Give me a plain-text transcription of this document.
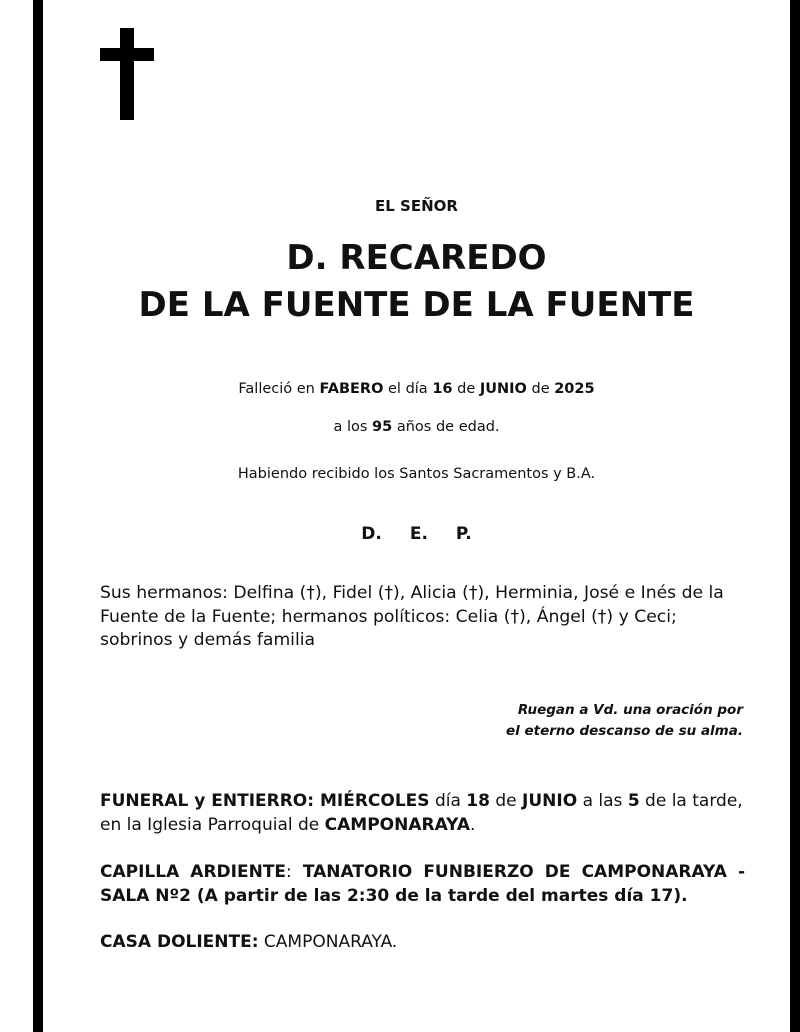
EL SEÑOR
D. RECAREDO
DE LA FUENTE DE LA FUENTE
Falleció en FABERO el día 16 de JUNIO de 2025
a los 95 años de edad.
Habiendo recibido los Santos Sacramentos y B.A.
D. E. P.
Sus hermanos: Delfina (†), Fidel (†), Alicia (†), Herminia, José e Inés de la Fuente de la Fuente; hermanos políticos: Celia (†), Ángel (†) y Ceci; sobrinos y demás familia
Ruegan a Vd. una oración por
el eterno descanso de su alma.
FUNERAL y ENTIERRO: MIÉRCOLES día 18 de JUNIO a las 5 de la tarde, en la Iglesia Parroquial de CAMPONARAYA.
CAPILLA ARDIENTE: TANATORIO FUNBIERZO DE CAMPONARAYA - SALA Nº2 (A partir de las 2:30 de la tarde del martes día 17).
CASA DOLIENTE: CAMPONARAYA.
